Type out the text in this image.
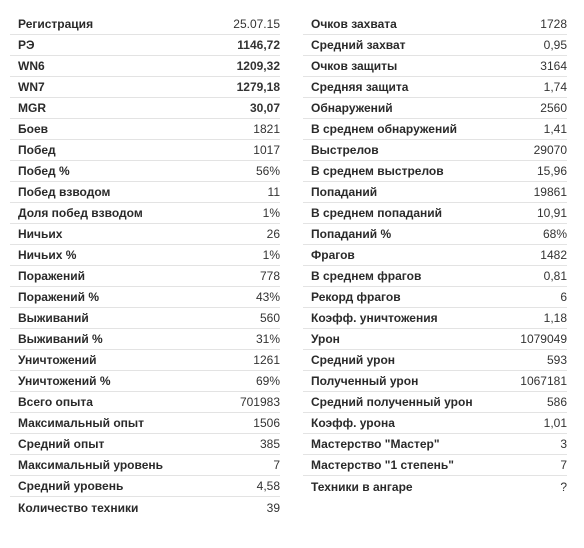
Регистрация	25.07.15
РЭ	1146,72
WN6	1209,32
WN7	1279,18
MGR	30,07
Боев	1821
Побед	1017
Побед %	56%
Побед взводом	11
Доля побед взводом	1%
Ничьих	26
Ничьих %	1%
Поражений	778
Поражений %	43%
Выживаний	560
Выживаний %	31%
Уничтожений	1261
Уничтожений %	69%
Всего опыта	701983
Максимальный опыт	1506
Средний опыт	385
Максимальный уровень	7
Средний уровень	4,58
Количество техники	39
Очков захвата	1728
Средний захват	0,95
Очков защиты	3164
Средняя защита	1,74
Обнаружений	2560
В среднем обнаружений	1,41
Выстрелов	29070
В среднем выстрелов	15,96
Попаданий	19861
В среднем попаданий	10,91
Попаданий %	68%
Фрагов	1482
В среднем фрагов	0,81
Рекорд фрагов	6
Коэфф. уничтожения	1,18
Урон	1079049
Средний урон	593
Полученный урон	1067181
Средний полученный урон	586
Коэфф. урона	1,01
Мастерство "Мастер"	3
Мастерство "1 степень"	7
Техники в ангаре	?
